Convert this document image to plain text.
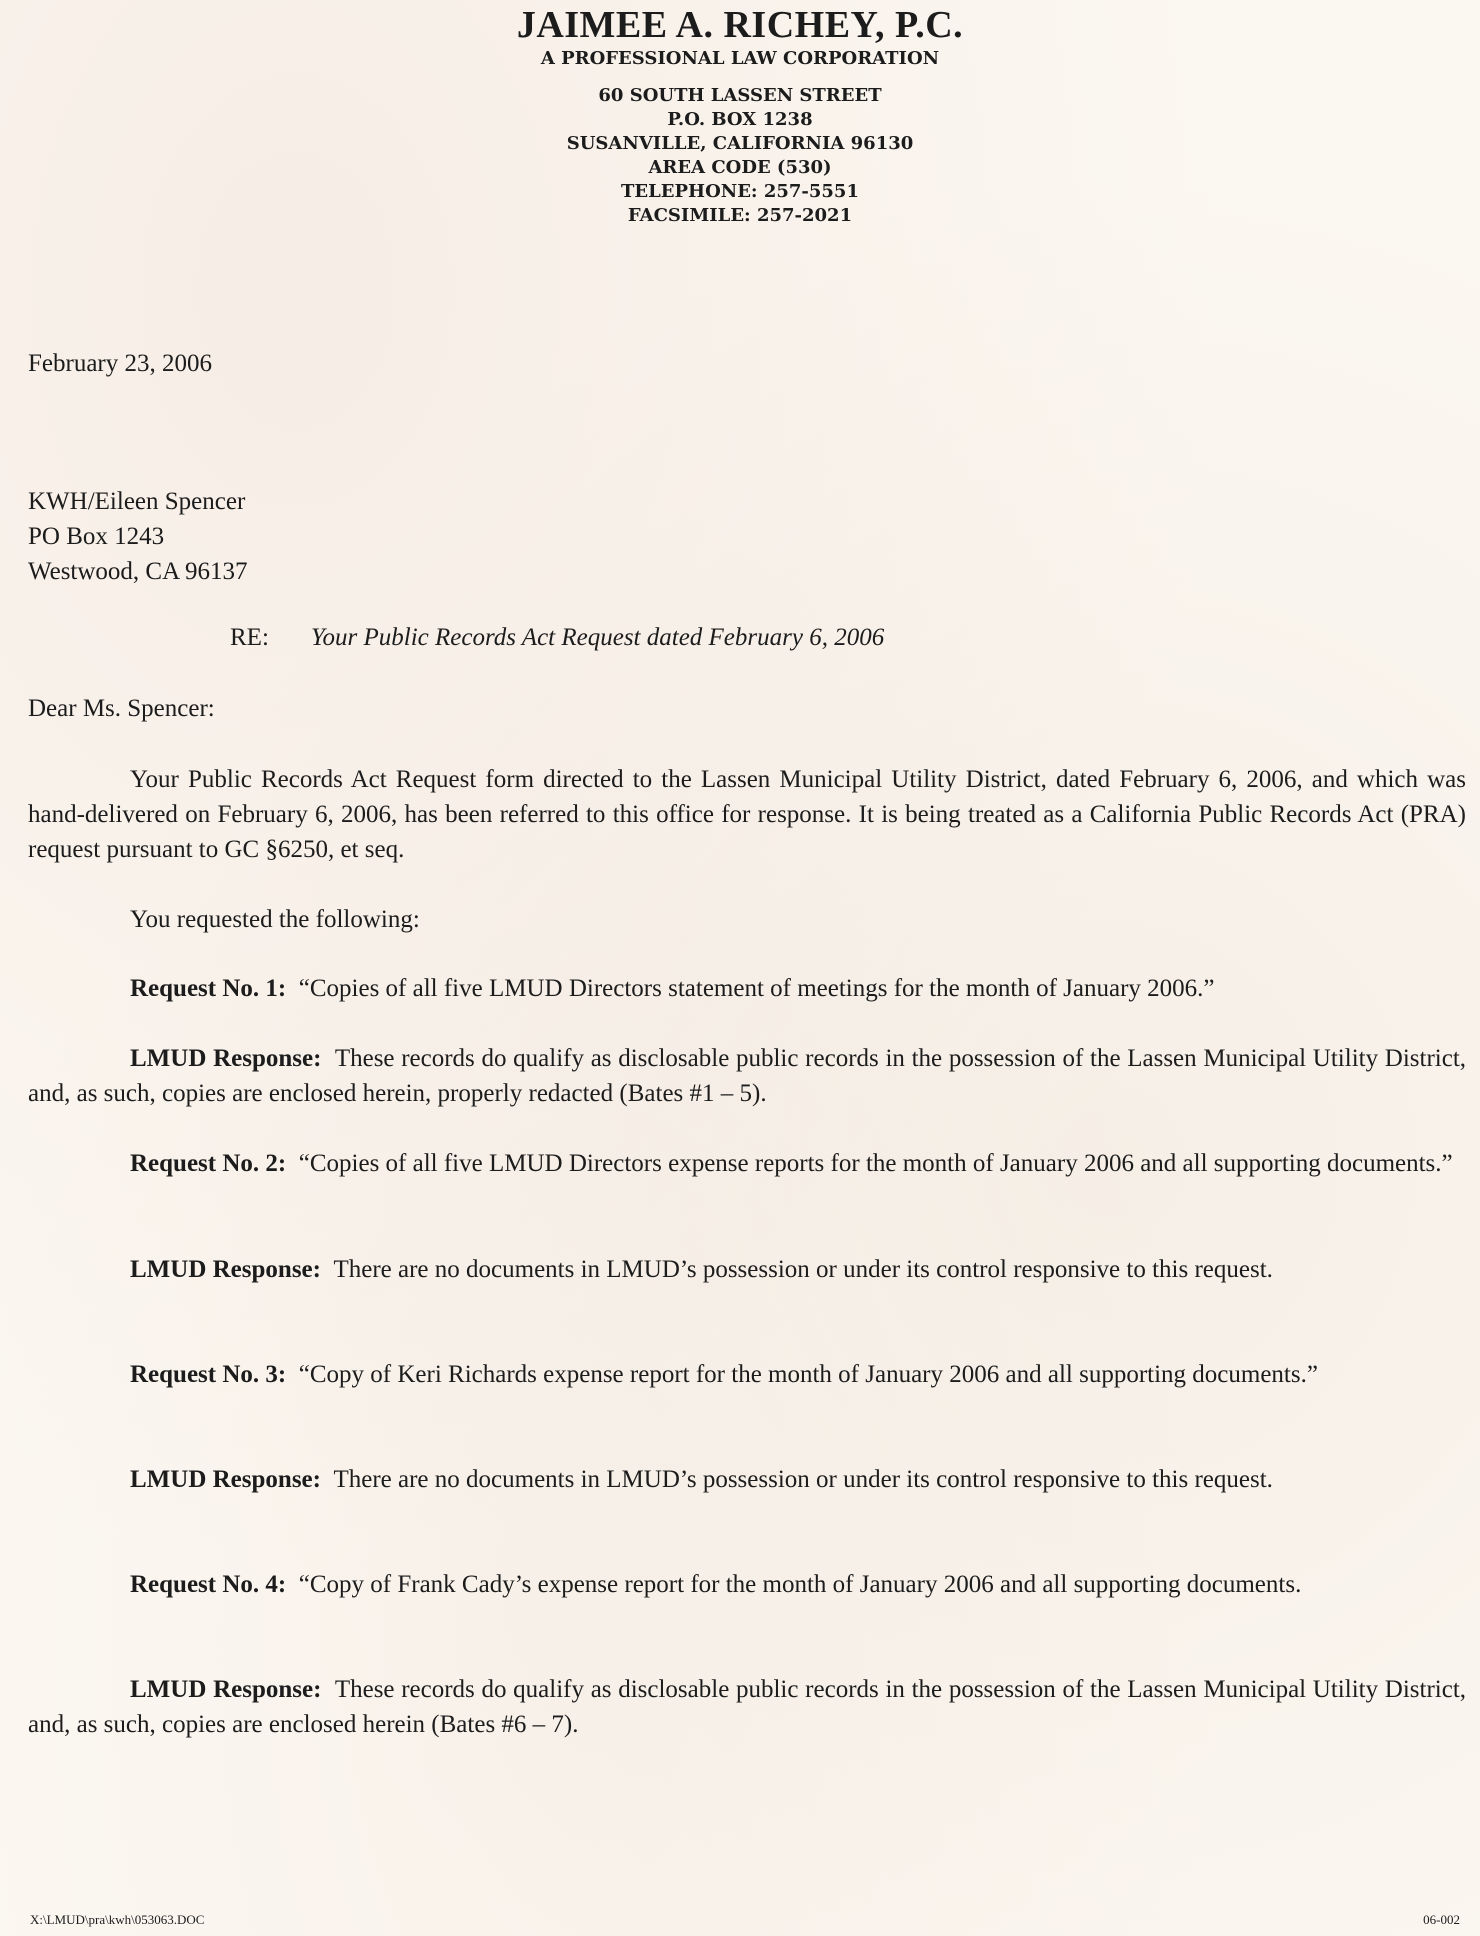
JAIMEE A. RICHEY, P.C.
A PROFESSIONAL LAW CORPORATION
60 SOUTH LASSEN STREET
P.O. BOX 1238
SUSANVILLE, CALIFORNIA 96130
AREA CODE (530)
TELEPHONE: 257-5551
FACSIMILE: 257-2021
February 23, 2006
KWH/Eileen Spencer
PO Box 1243
Westwood, CA 96137
RE: Your Public Records Act Request dated February 6, 2006
Dear Ms. Spencer:
Your Public Records Act Request form directed to the Lassen Municipal Utility District, dated February 6, 2006, and which was hand-delivered on February 6, 2006, has been referred to this office for response. It is being treated as a California Public Records Act (PRA) request pursuant to GC §6250, et seq.
You requested the following:
Request No. 1: “Copies of all five LMUD Directors statement of meetings for the month of January 2006.”
LMUD Response: These records do qualify as disclosable public records in the possession of the Lassen Municipal Utility District, and, as such, copies are enclosed herein, properly redacted (Bates #1 – 5).
Request No. 2: “Copies of all five LMUD Directors expense reports for the month of January 2006 and all supporting documents.”
LMUD Response: There are no documents in LMUD’s possession or under its control responsive to this request.
Request No. 3: “Copy of Keri Richards expense report for the month of January 2006 and all supporting documents.”
LMUD Response: There are no documents in LMUD’s possession or under its control responsive to this request.
Request No. 4: “Copy of Frank Cady’s expense report for the month of January 2006 and all supporting documents.
LMUD Response: These records do qualify as disclosable public records in the possession of the Lassen Municipal Utility District, and, as such, copies are enclosed herein (Bates #6 – 7).
X:\LMUD\pra\kwh\053063.DOC	06-002
